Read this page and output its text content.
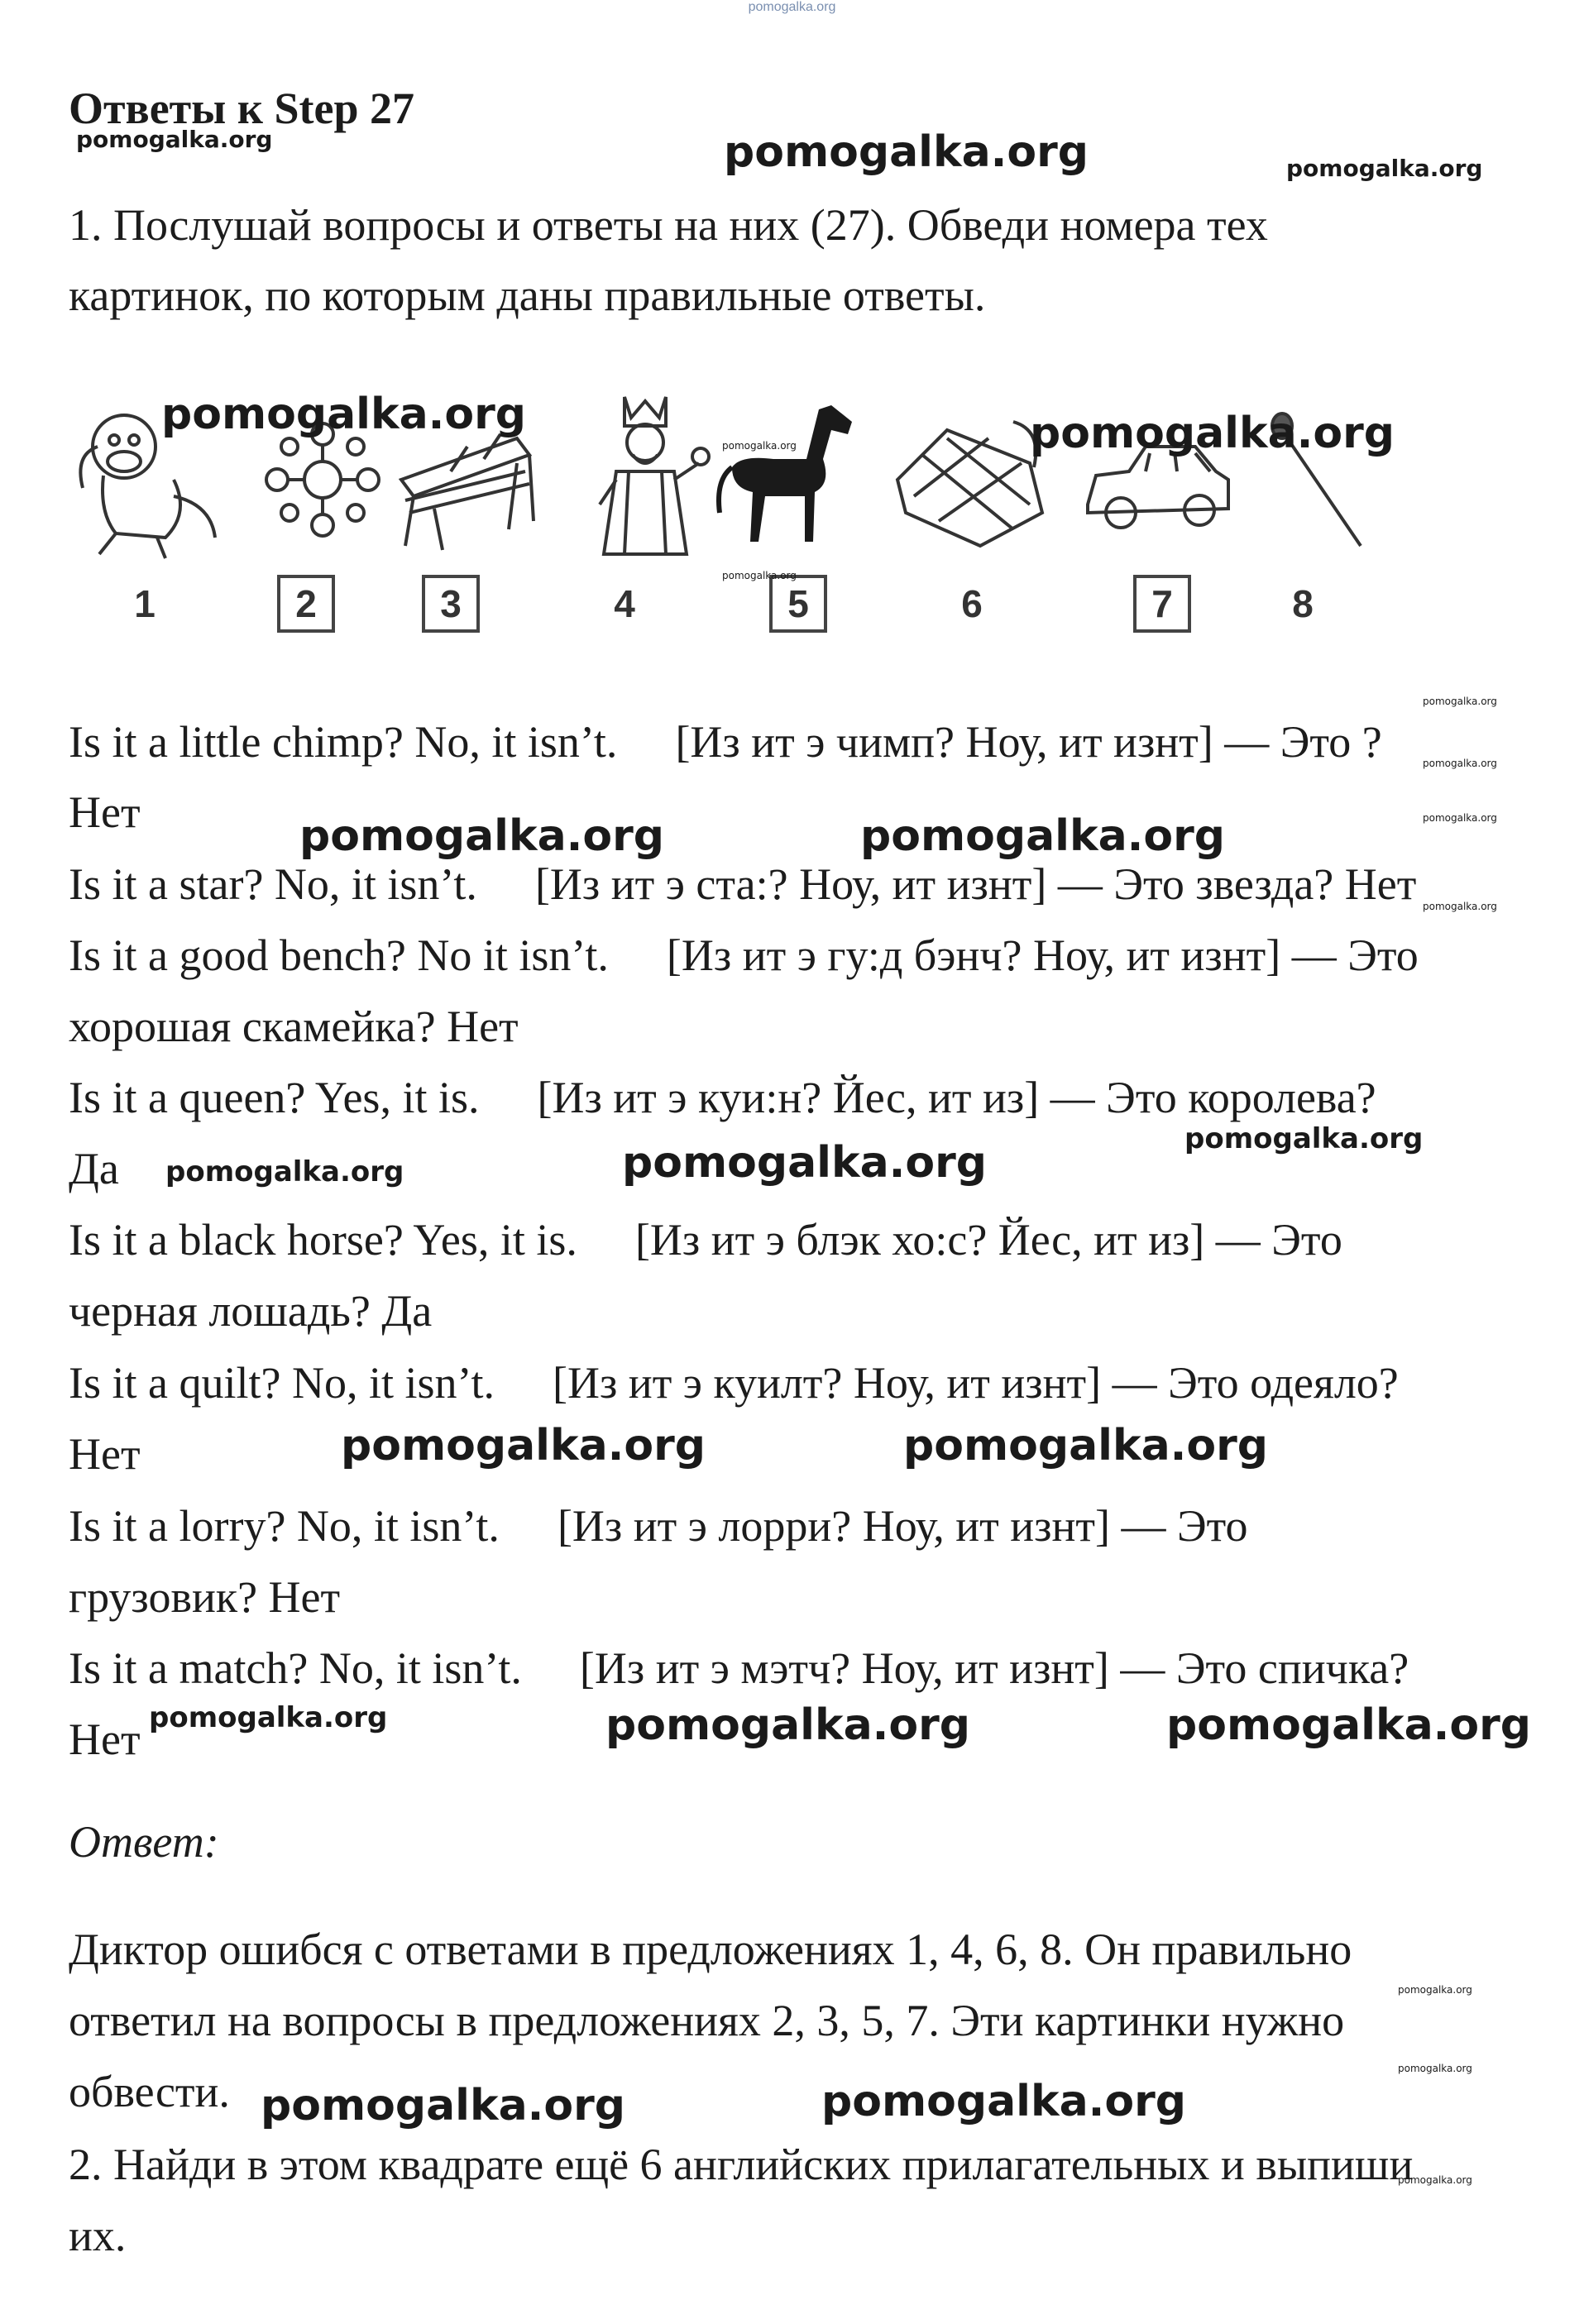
pomogalka.org
Ответы к Step 27
1. Послушай вопросы и ответы на них (27). Обведи номера тех
картинок, по которым даны правильные ответы.
1	2	3	4	5	6	7	8
Is it a little chimp? No, it isn’t. [Из ит э чимп? Ноу, ит изнт] — Это ?
Нет
Is it a star? No, it isn’t. [Из ит э ста:? Ноу, ит изнт] — Это звезда? Нет
Is it a good bench? No it isn’t. [Из ит э гу:д бэнч? Ноу, ит изнт] — Это
хорошая скамейка? Нет
Is it a queen? Yes, it is. [Из ит э куи:н? Йес, ит из] — Это королева?
Да
Is it a black horse? Yes, it is. [Из ит э блэк хо:с? Йес, ит из] — Это
черная лошадь? Да
Is it a quilt? No, it isn’t. [Из ит э куилт? Ноу, ит изнт] — Это одеяло?
Нет
Is it a lorry? No, it isn’t. [Из ит э лорри? Ноу, ит изнт] — Это
грузовик? Нет
Is it a match? No, it isn’t. [Из ит э мэтч? Ноу, ит изнт] — Это спичка?
Нет
Ответ:
Диктор ошибся с ответами в предложениях 1, 4, 6, 8. Он правильно
ответил на вопросы в предложениях 2, 3, 5, 7. Эти картинки нужно
обвести.
2. Найди в этом квадрате ещё 6 английских прилагательных и выпиши
их.
pomogalka.org	pomogalka.org	pomogalka.org
pomogalka.org	pomogalka.org
pomogalka.org
pomogalka.org
pomogalka.org
pomogalka.org
pomogalka.org
pomogalka.org
pomogalka.org	pomogalka.org
pomogalka.org
pomogalka.org	pomogalka.org
pomogalka.org	pomogalka.org
pomogalka.org	pomogalka.org	pomogalka.org
pomogalka.org
pomogalka.org	pomogalka.org
pomogalka.org
pomogalka.org
